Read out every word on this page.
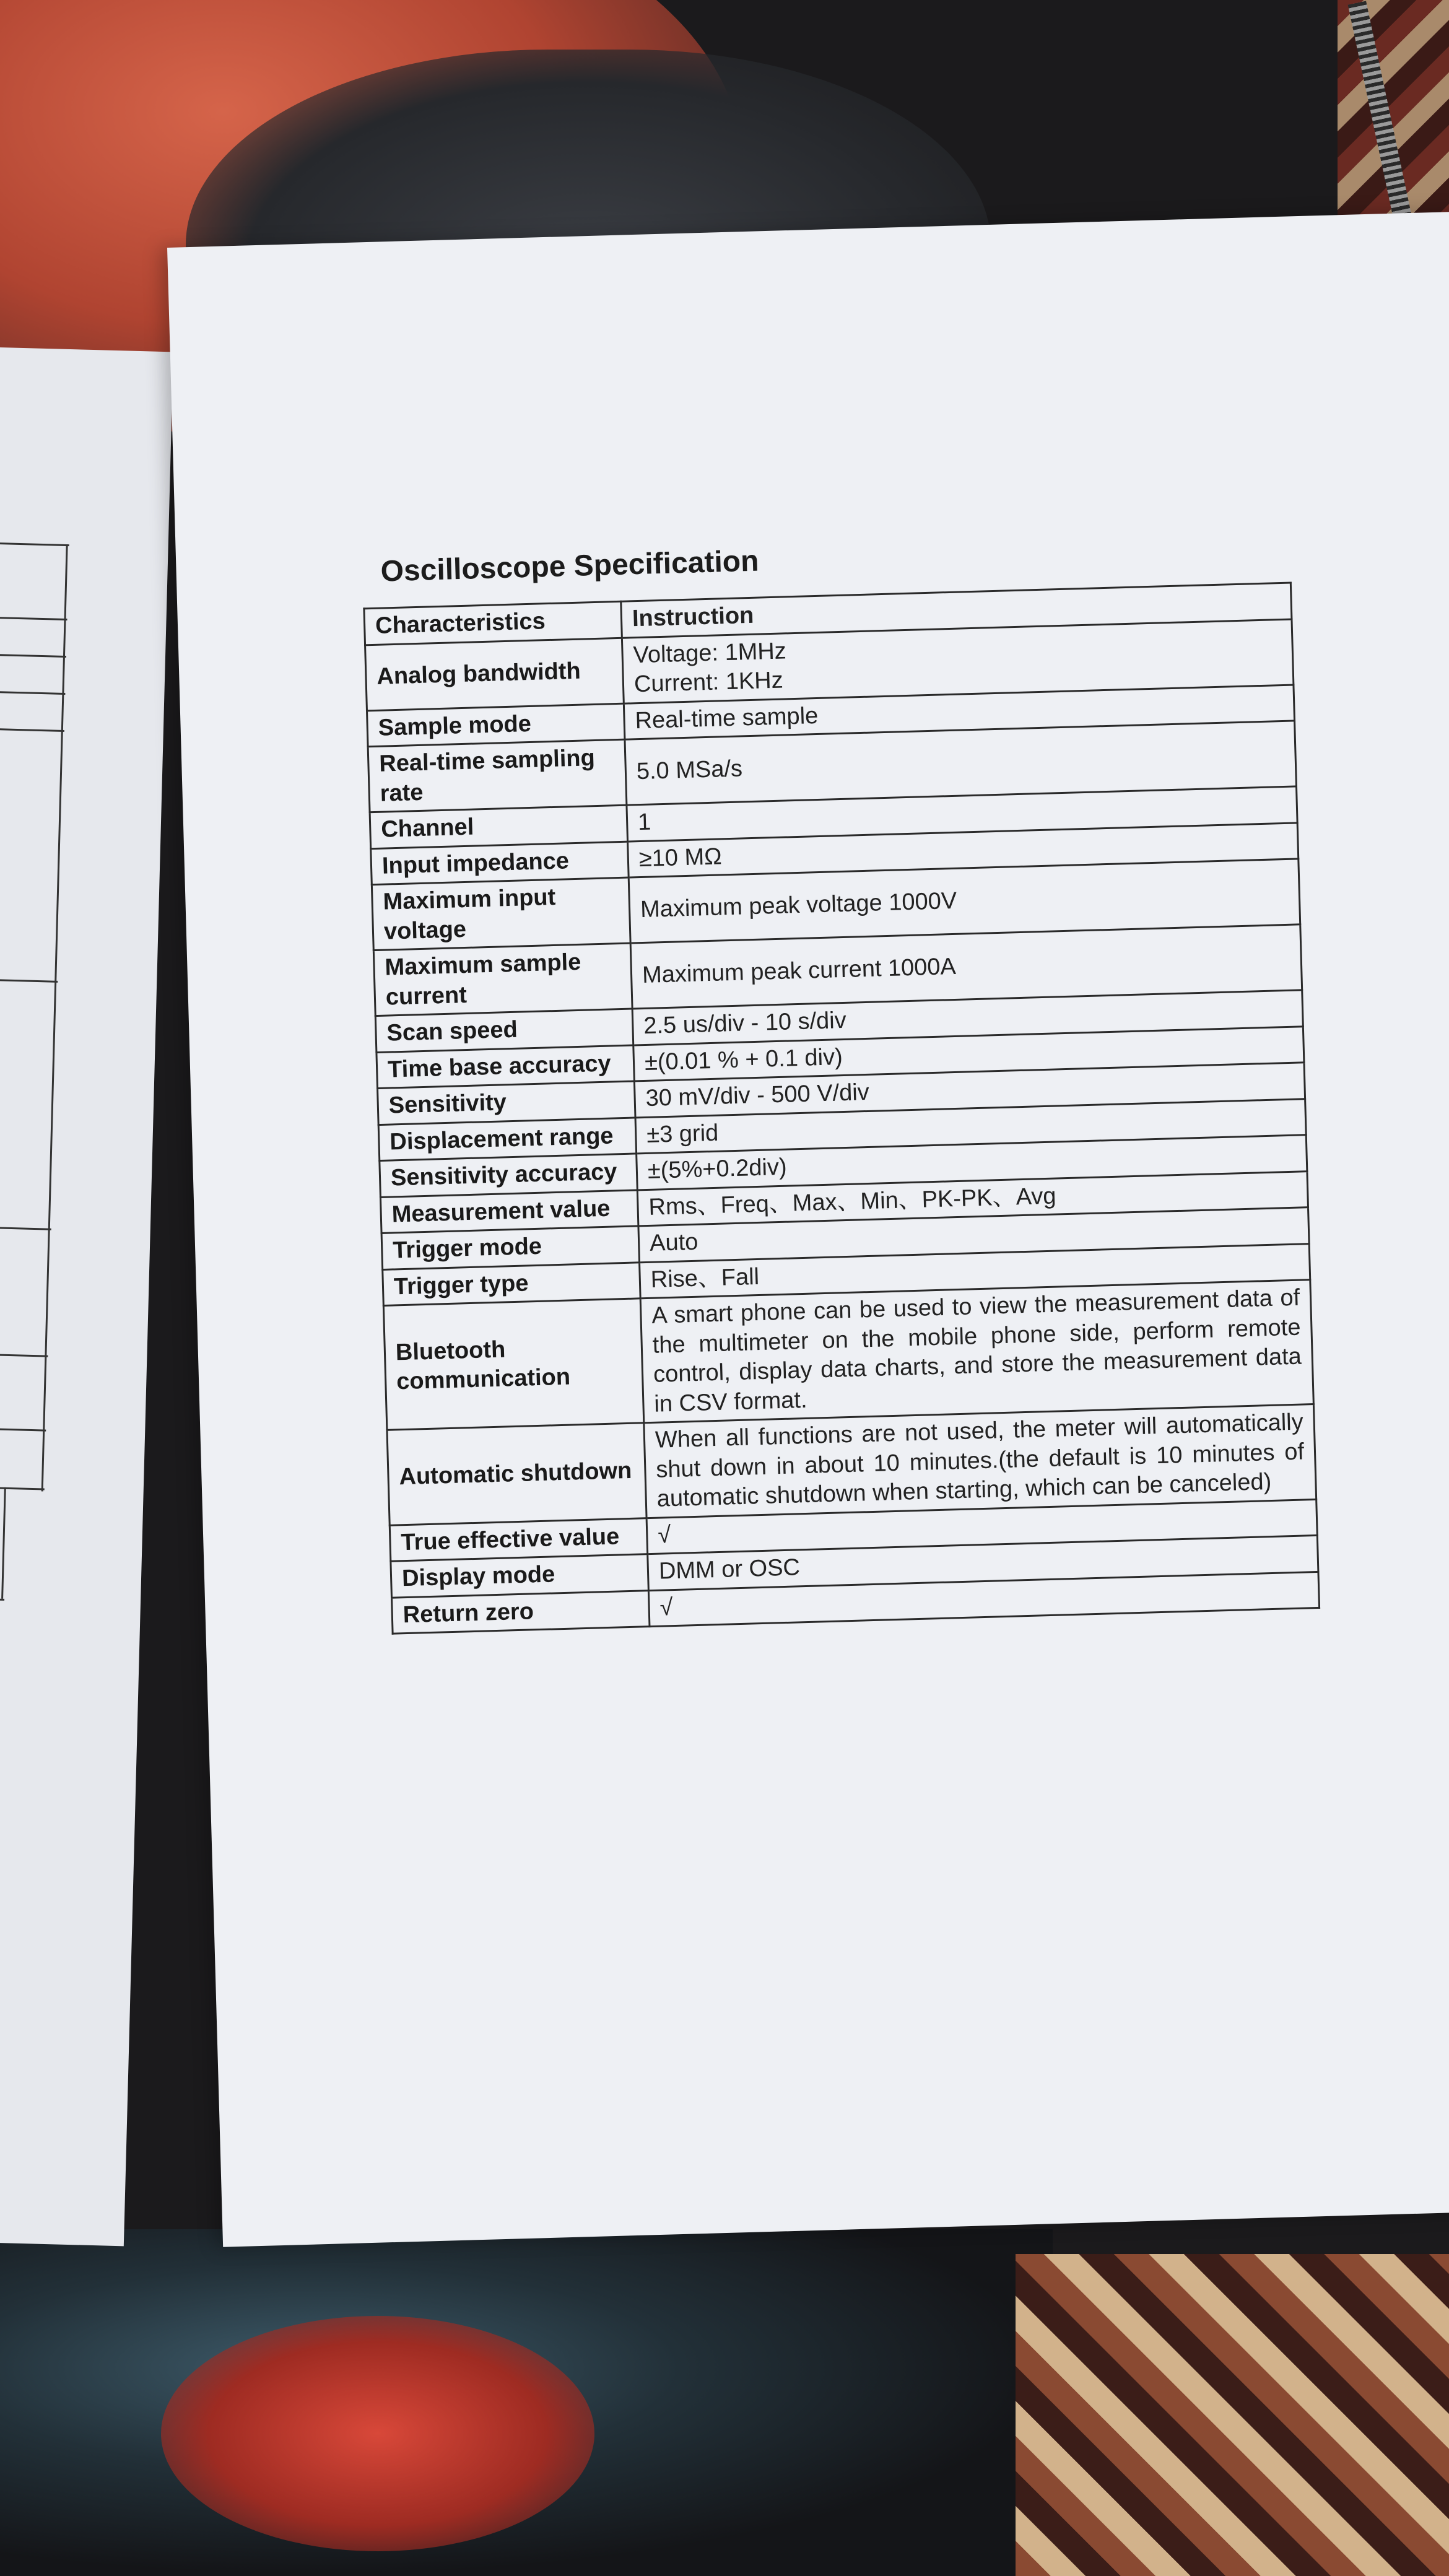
Oscilloscope Specification
Characteristics	Instruction
Analog bandwidth	Voltage: 1MHz
Current: 1KHz

Sample mode	Real-time sample

Real-time sampling rate	5.0 MSa/s

Channel	1

Input impedance	≥10 MΩ

Maximum input voltage	Maximum peak voltage 1000V

Maximum sample current	Maximum peak current 1000A

Scan speed	2.5 us/div - 10 s/div

Time base accuracy	±(0.01 % + 0.1 div)

Sensitivity	30 mV/div - 500 V/div

Displacement range	±3 grid

Sensitivity accuracy	±(5%+0.2div)

Measurement value	Rms、Freq、Max、Min、PK-PK、Avg

Trigger mode	Auto

Trigger type	Rise、Fall

Bluetooth communication	A smart phone can be used to view the measurement data of the multimeter on the mobile phone side, perform remote control, display data charts, and store the measurement data in CSV format.

Automatic shutdown	When all functions are not used, the meter will automatically shut down in about 10 minutes.(the default is 10 minutes of automatic shutdown when starting, which can be canceled)

True effective value	√

Display mode	DMM or OSC

Return zero	√
